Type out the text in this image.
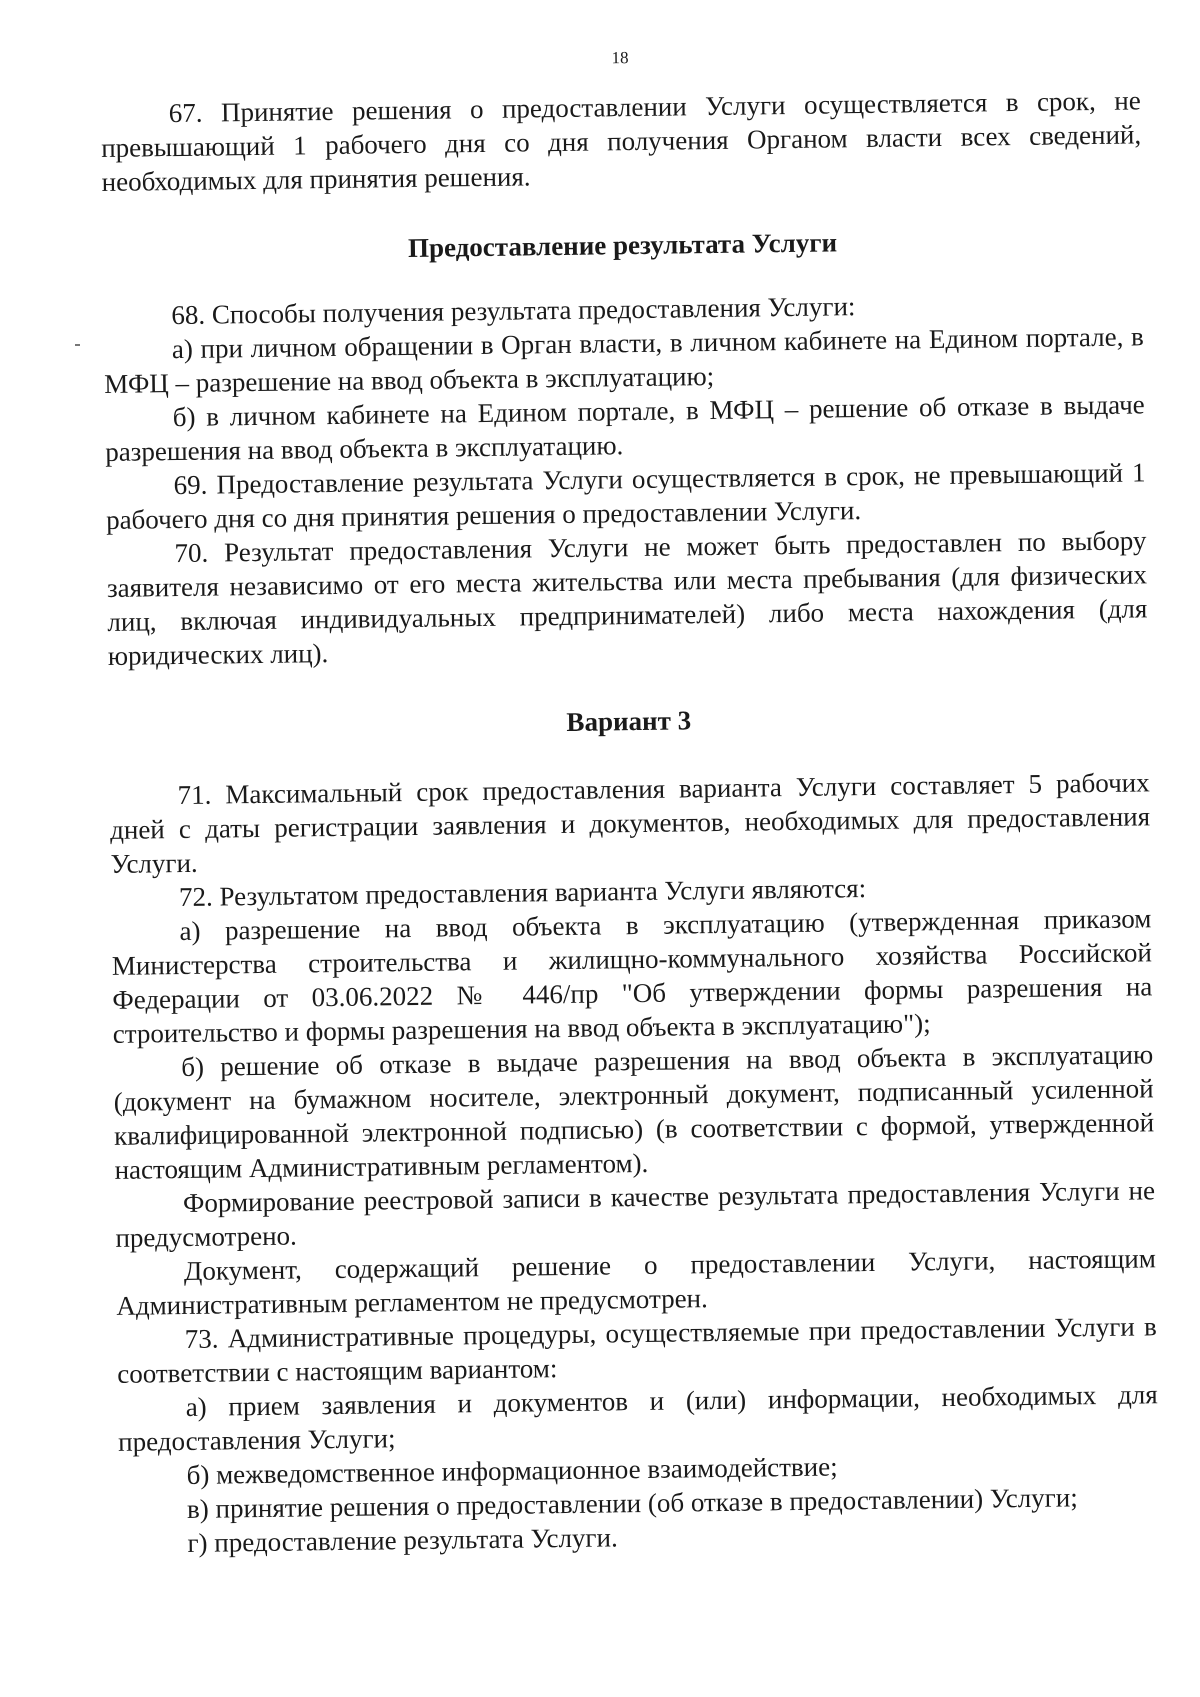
18

67. Принятие решения о предоставлении Услуги осуществляется в срок, не превышающий 1 рабочего дня со дня получения Органом власти всех сведений, необходимых для принятия решения.

Предоставление результата Услуги

68. Способы получения результата предоставления Услуги:

а) при личном обращении в Орган власти, в личном кабинете на Едином портале, в МФЦ – разрешение на ввод объекта в эксплуатацию;

б) в личном кабинете на Едином портале, в МФЦ – решение об отказе в выдаче разрешения на ввод объекта в эксплуатацию.

69. Предоставление результата Услуги осуществляется в срок, не превышающий 1 рабочего дня со дня принятия решения о предоставлении Услуги.

70. Результат предоставления Услуги не может быть предоставлен по выбору заявителя независимо от его места жительства или места пребывания (для физических лиц, включая индивидуальных предпринимателей) либо места нахождения (для юридических лиц).

Вариант 3

71. Максимальный срок предоставления варианта Услуги составляет 5 рабочих дней с даты регистрации заявления и документов, необходимых для предоставления Услуги.

72. Результатом предоставления варианта Услуги являются:

а) разрешение на ввод объекта в эксплуатацию (утвержденная приказом Министерства строительства и жилищно-коммунального хозяйства Российской Федерации от 03.06.2022 № 446/пр "Об утверждении формы разрешения на строительство и формы разрешения на ввод объекта в эксплуатацию");

б) решение об отказе в выдаче разрешения на ввод объекта в эксплуатацию (документ на бумажном носителе, электронный документ, подписанный усиленной квалифицированной электронной подписью) (в соответствии с формой, утвержденной настоящим Административным регламентом).

Формирование реестровой записи в качестве результата предоставления Услуги не предусмотрено.

Документ, содержащий решение о предоставлении Услуги, настоящим Административным регламентом не предусмотрен.

73. Административные процедуры, осуществляемые при предоставлении Услуги в соответствии с настоящим вариантом:

а) прием заявления и документов и (или) информации, необходимых для предоставления Услуги;

б) межведомственное информационное взаимодействие;

в) принятие решения о предоставлении (об отказе в предоставлении) Услуги;

г) предоставление результата Услуги.
